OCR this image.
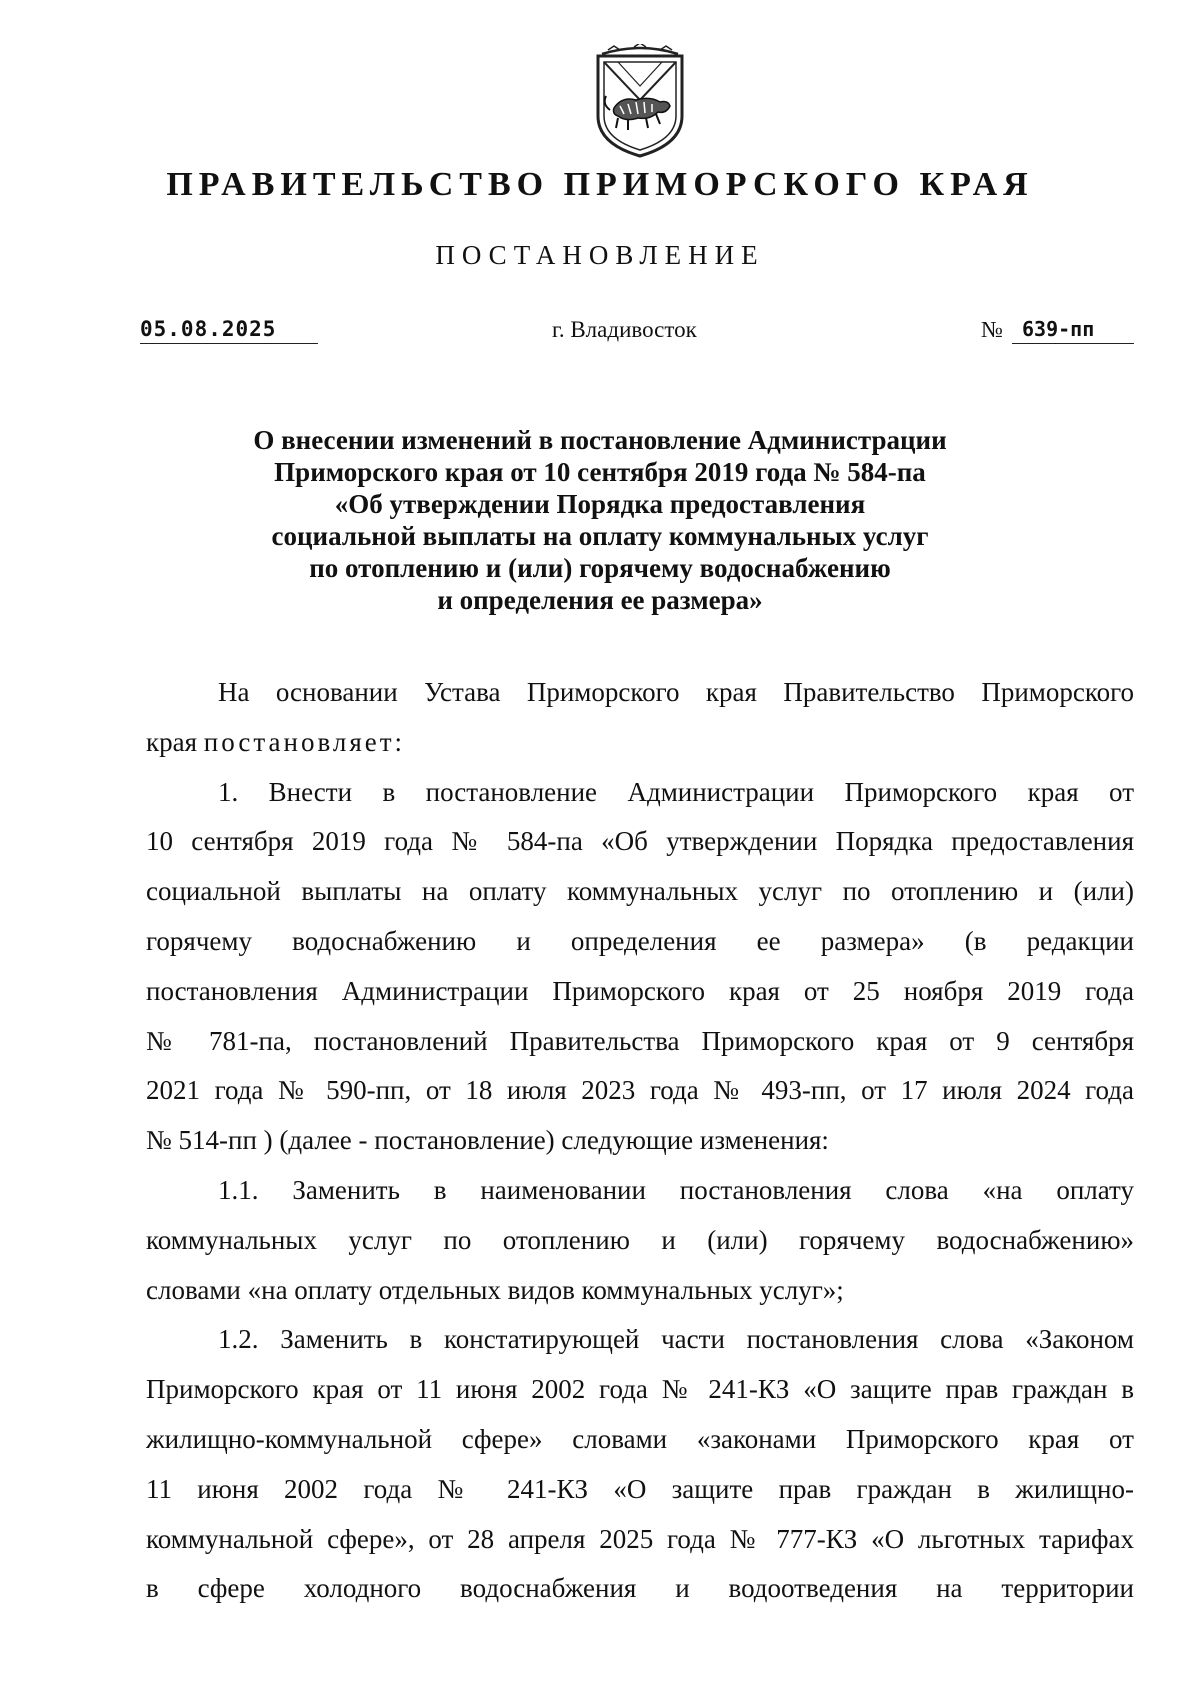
ПРАВИТЕЛЬСТВО ПРИМОРСКОГО КРАЯ
ПОСТАНОВЛЕНИЕ
05.08.2025	г. Владивосток	№ 639-пп
О внесении изменений в постановление Администрации
Приморского края от 10 сентября 2019 года № 584-па
«Об утверждении Порядка предоставления
социальной выплаты на оплату коммунальных услуг
по отоплению и (или) горячему водоснабжению
и определения ее размера»
На основании Устава Приморского края Правительство Приморского
края постановляет:
1. Внести в постановление Администрации Приморского края от
10 сентября 2019 года № 584-па «Об утверждении Порядка предоставления
социальной выплаты на оплату коммунальных услуг по отоплению и (или)
горячему водоснабжению и определения ее размера» (в редакции
постановления Администрации Приморского края от 25 ноября 2019 года
№ 781-па, постановлений Правительства Приморского края от 9 сентября
2021 года № 590-пп, от 18 июля 2023 года № 493-пп, от 17 июля 2024 года
№ 514-пп ) (далее - постановление) следующие изменения:
1.1. Заменить в наименовании постановления слова «на оплату
коммунальных услуг по отоплению и (или) горячему водоснабжению»
словами «на оплату отдельных видов коммунальных услуг»;
1.2. Заменить в констатирующей части постановления слова «Законом
Приморского края от 11 июня 2002 года № 241-КЗ «О защите прав граждан в
жилищно-коммунальной сфере» словами «законами Приморского края от
11 июня 2002 года № 241-КЗ «О защите прав граждан в жилищно-
коммунальной сфере», от 28 апреля 2025 года № 777-КЗ «О льготных тарифах
в сфере холодного водоснабжения и водоотведения на территории
